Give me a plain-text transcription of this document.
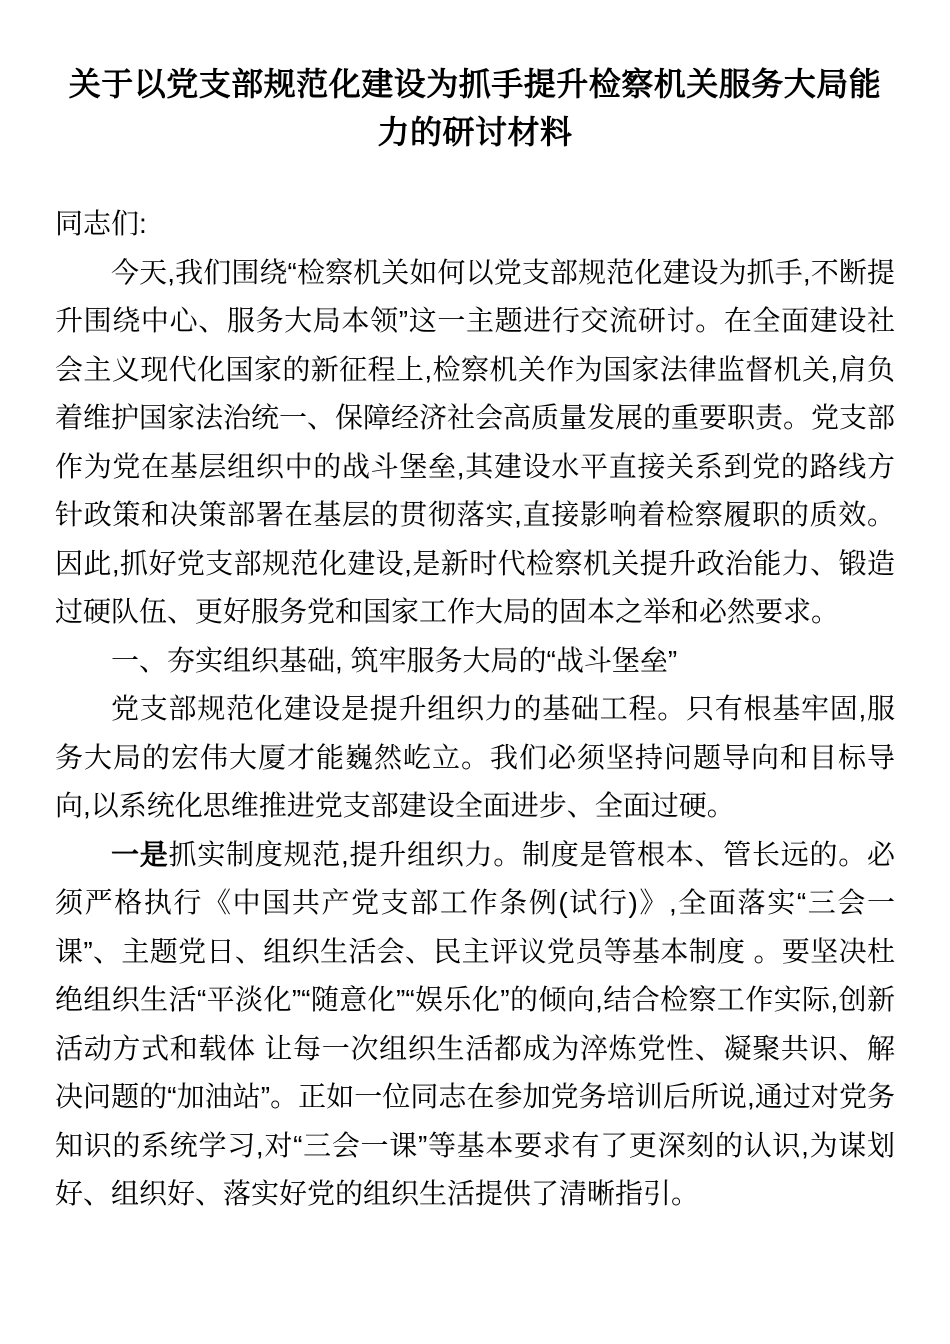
关于以党支部规范化建设为抓手提升检察机关服务大局能力的研讨材料

同志们:

今天,我们围绕“检察机关如何以党支部规范化建设为抓手,不断提升围绕中心、服务大局本领”这一主题进行交流研讨。在全面建设社会主义现代化国家的新征程上,检察机关作为国家法律监督机关,肩负着维护国家法治统一、保障经济社会高质量发展的重要职责。党支部作为党在基层组织中的战斗堡垒,其建设水平直接关系到党的路线方针政策和决策部署在基层的贯彻落实,直接影响着检察履职的质效。因此,抓好党支部规范化建设,是新时代检察机关提升政治能力、锻造过硬队伍、更好服务党和国家工作大局的固本之举和必然要求。

一、夯实组织基础, 筑牢服务大局的“战斗堡垒”

党支部规范化建设是提升组织力的基础工程。只有根基牢固,服务大局的宏伟大厦才能巍然屹立。我们必须坚持问题导向和目标导向,以系统化思维推进党支部建设全面进步、全面过硬。

一是抓实制度规范,提升组织力。制度是管根本、管长远的。必须严格执行《中国共产党支部工作条例(试行)》,全面落实“三会一课”、主题党日、组织生活会、民主评议党员等基本制度 。要坚决杜绝组织生活“平淡化”“随意化”“娱乐化”的倾向,结合检察工作实际,创新活动方式和载体 让每一次组织生活都成为淬炼党性、凝聚共识、解决问题的“加油站”。正如一位同志在参加党务培训后所说,通过对党务知识的系统学习,对“三会一课”等基本要求有了更深刻的认识,为谋划好、组织好、落实好党的组织生活提供了清晰指引。
